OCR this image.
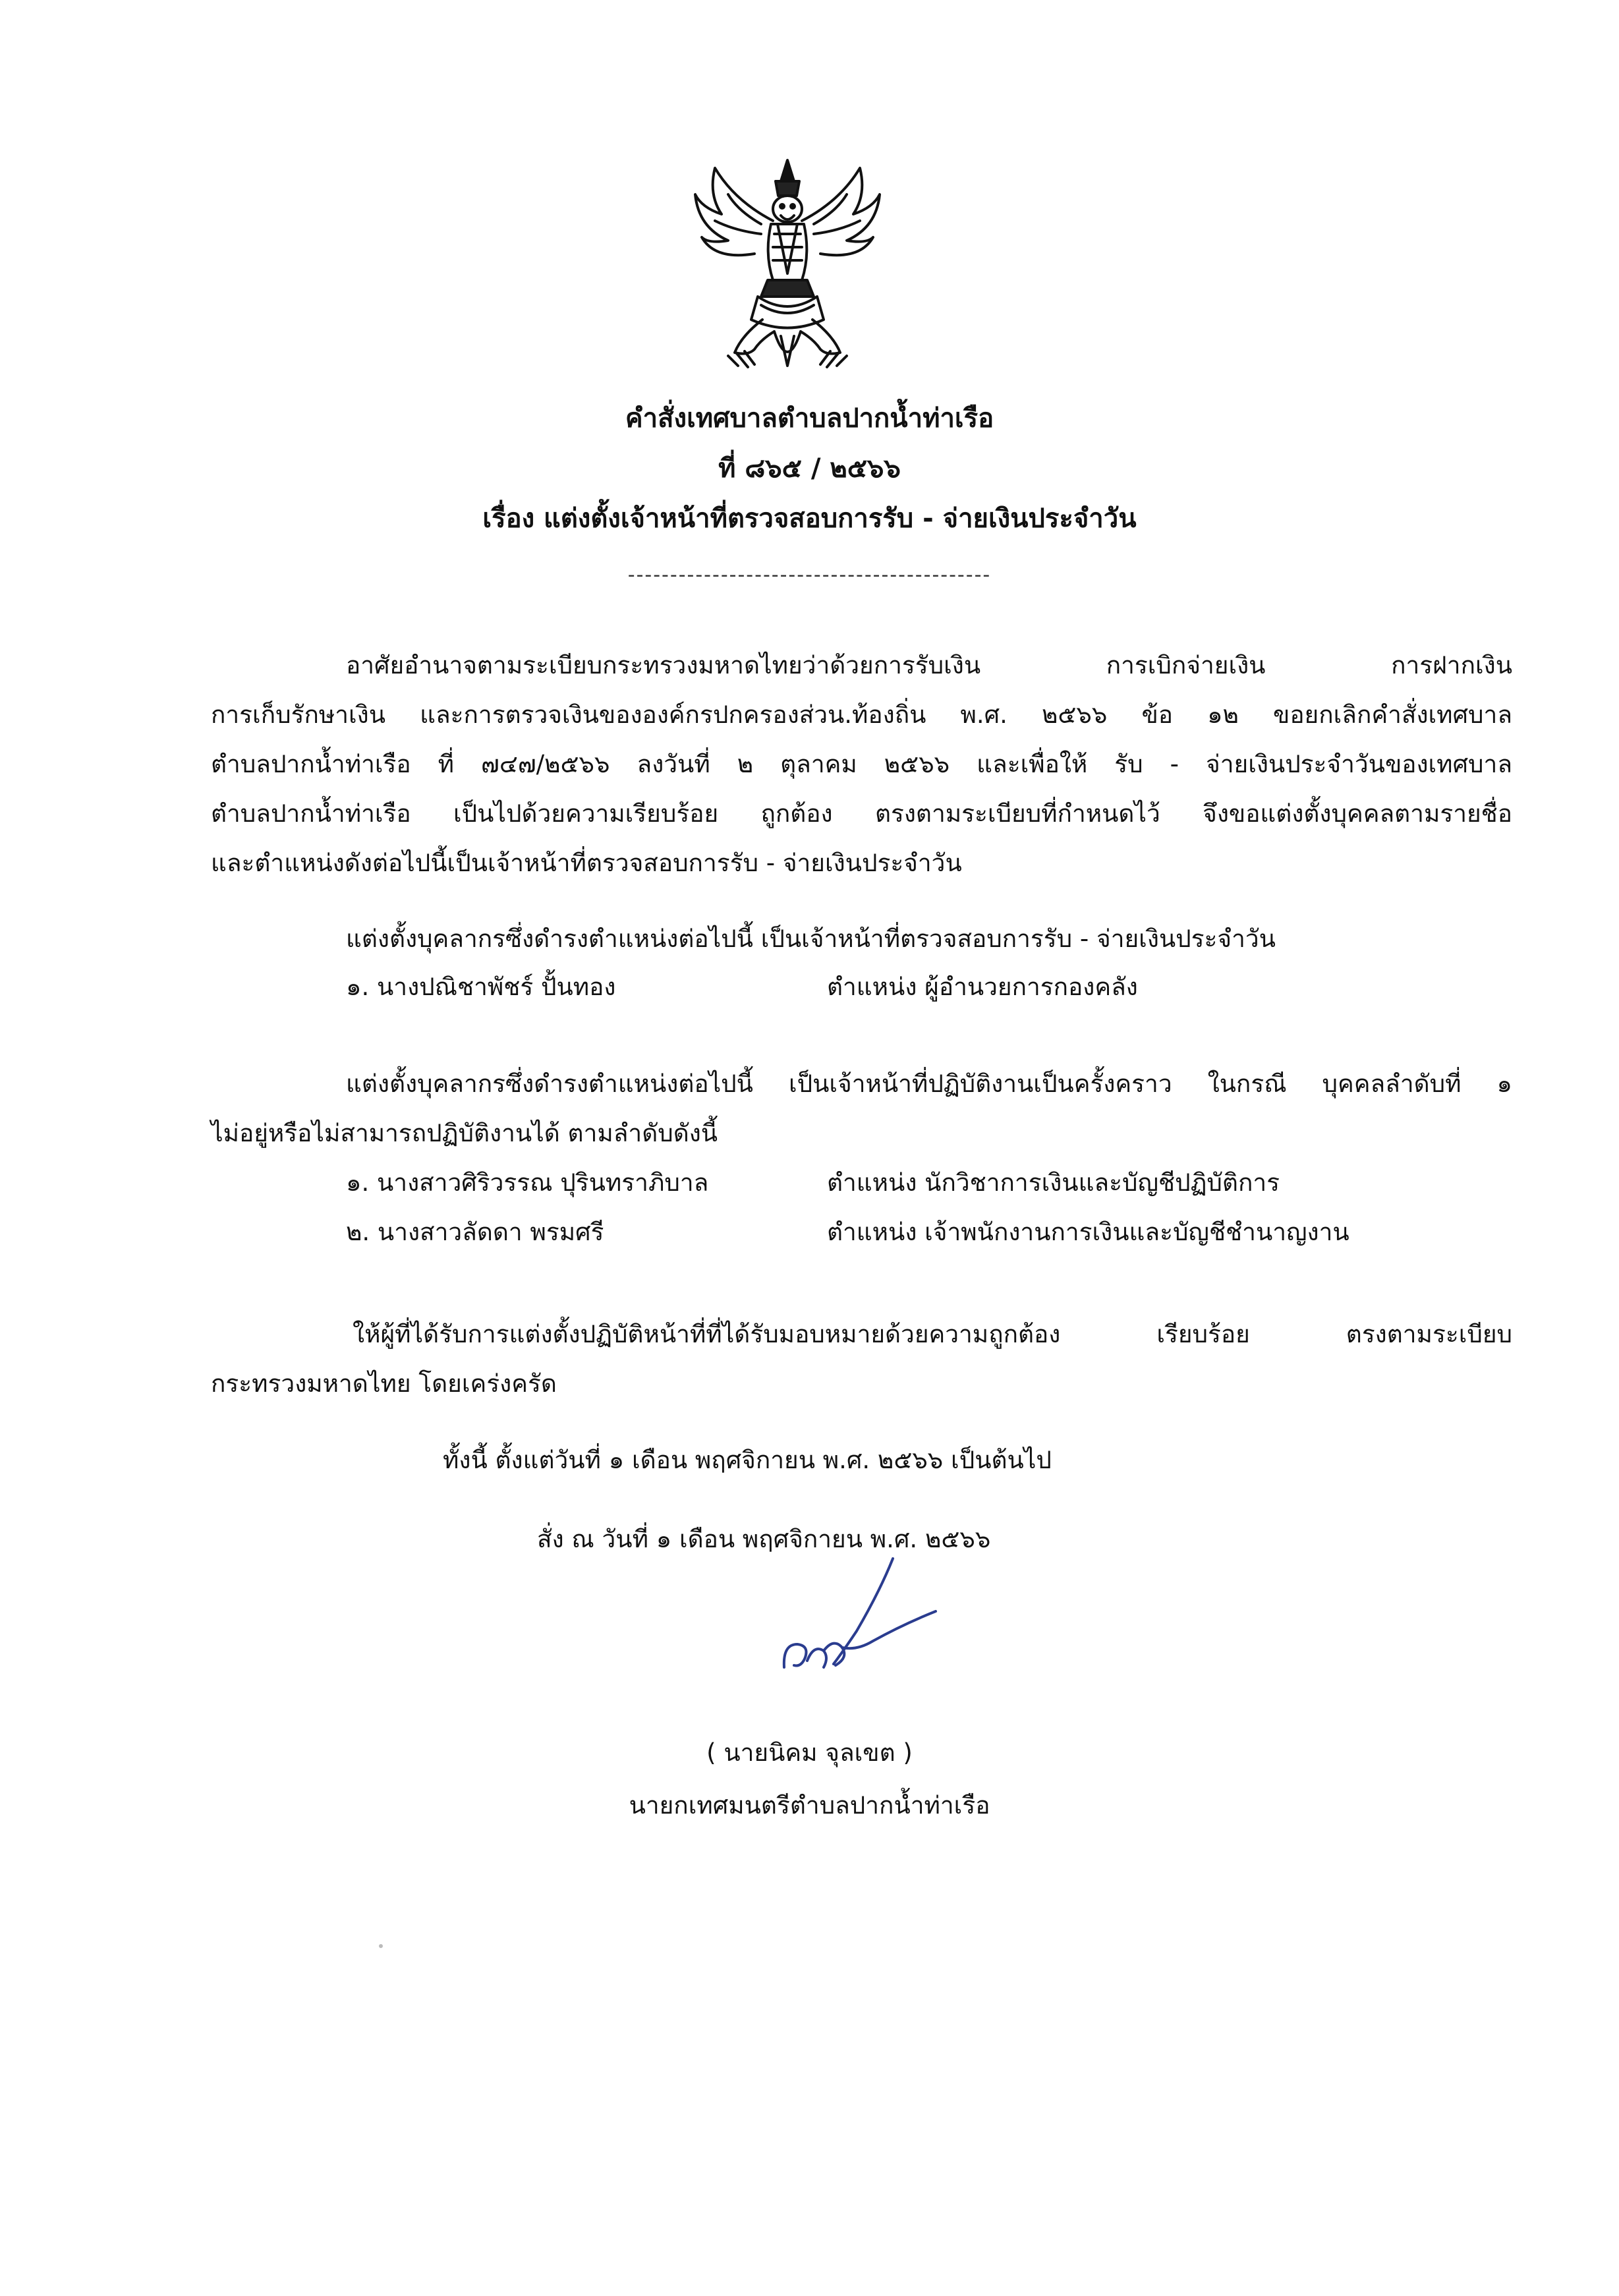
คำสั่งเทศบาลตำบลปากน้ำท่าเรือ
ที่ ๘๖๕ / ๒๕๖๖
เรื่อง แต่งตั้งเจ้าหน้าที่ตรวจสอบการรับ - จ่ายเงินประจำวัน
-------------------------------------------
อาศัยอำนาจตามระเบียบกระทรวงมหาดไทยว่าด้วยการรับเงิน การเบิกจ่ายเงิน การฝากเงิน
การเก็บรักษาเงิน และการตรวจเงินขององค์กรปกครองส่วน.ท้องถิ่น พ.ศ. ๒๕๖๖ ข้อ ๑๒ ขอยกเลิกคำสั่งเทศบาล
ตำบลปากน้ำท่าเรือ ที่ ๗๔๗/๒๕๖๖ ลงวันที่ ๒ ตุลาคม ๒๕๖๖ และเพื่อให้ รับ - จ่ายเงินประจำวันของเทศบาล
ตำบลปากน้ำท่าเรือ เป็นไปด้วยความเรียบร้อย ถูกต้อง ตรงตามระเบียบที่กำหนดไว้ จึงขอแต่งตั้งบุคคลตามรายชื่อ
และตำแหน่งดังต่อไปนี้เป็นเจ้าหน้าที่ตรวจสอบการรับ - จ่ายเงินประจำวัน
แต่งตั้งบุคลากรซึ่งดำรงตำแหน่งต่อไปนี้ เป็นเจ้าหน้าที่ตรวจสอบการรับ - จ่ายเงินประจำวัน
๑. นางปณิชาพัชร์ ปั้นทอง	ตำแหน่ง ผู้อำนวยการกองคลัง
แต่งตั้งบุคลากรซึ่งดำรงตำแหน่งต่อไปนี้ เป็นเจ้าหน้าที่ปฏิบัติงานเป็นครั้งคราว ในกรณี บุคคลลำดับที่ ๑
ไม่อยู่หรือไม่สามารถปฏิบัติงานได้ ตามลำดับดังนี้
๑. นางสาวศิริวรรณ ปุรินทราภิบาล	ตำแหน่ง นักวิชาการเงินและบัญชีปฏิบัติการ
๒. นางสาวลัดดา พรมศรี	ตำแหน่ง เจ้าพนักงานการเงินและบัญชีชำนาญงาน
ให้ผู้ที่ได้รับการแต่งตั้งปฏิบัติหน้าที่ที่ได้รับมอบหมายด้วยความถูกต้อง เรียบร้อย ตรงตามระเบียบ
กระทรวงมหาดไทย โดยเคร่งครัด
ทั้งนี้ ตั้งแต่วันที่ ๑ เดือน พฤศจิกายน พ.ศ. ๒๕๖๖ เป็นต้นไป
สั่ง ณ วันที่ ๑ เดือน พฤศจิกายน พ.ศ. ๒๕๖๖
( นายนิคม จุลเขต )
นายกเทศมนตรีตำบลปากน้ำท่าเรือ
